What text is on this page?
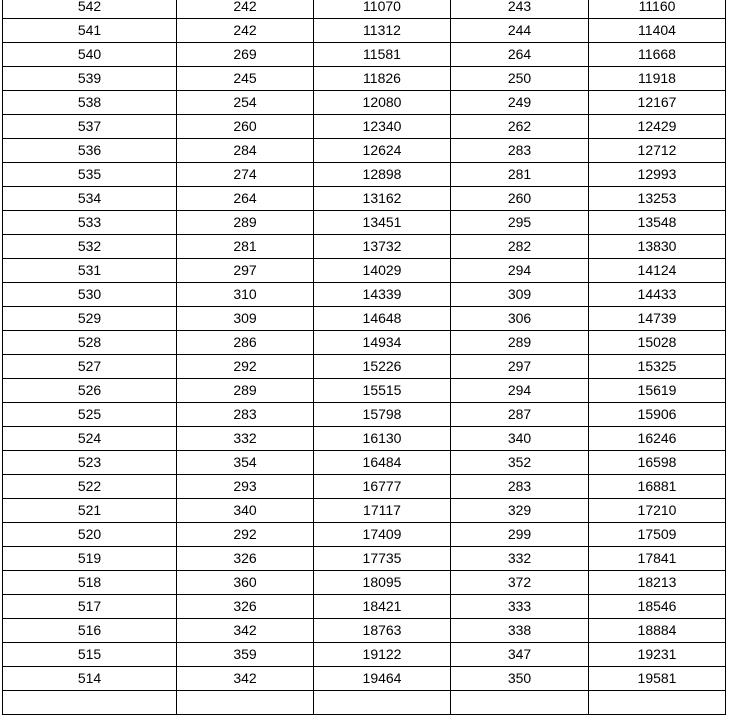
542	242	11070	243	11160
541	242	11312	244	11404
540	269	11581	264	11668
539	245	11826	250	11918
538	254	12080	249	12167
537	260	12340	262	12429
536	284	12624	283	12712
535	274	12898	281	12993
534	264	13162	260	13253
533	289	13451	295	13548
532	281	13732	282	13830
531	297	14029	294	14124
530	310	14339	309	14433
529	309	14648	306	14739
528	286	14934	289	15028
527	292	15226	297	15325
526	289	15515	294	15619
525	283	15798	287	15906
524	332	16130	340	16246
523	354	16484	352	16598
522	293	16777	283	16881
521	340	17117	329	17210
520	292	17409	299	17509
519	326	17735	332	17841
518	360	18095	372	18213
517	326	18421	333	18546
516	342	18763	338	18884
515	359	19122	347	19231
514	342	19464	350	19581
